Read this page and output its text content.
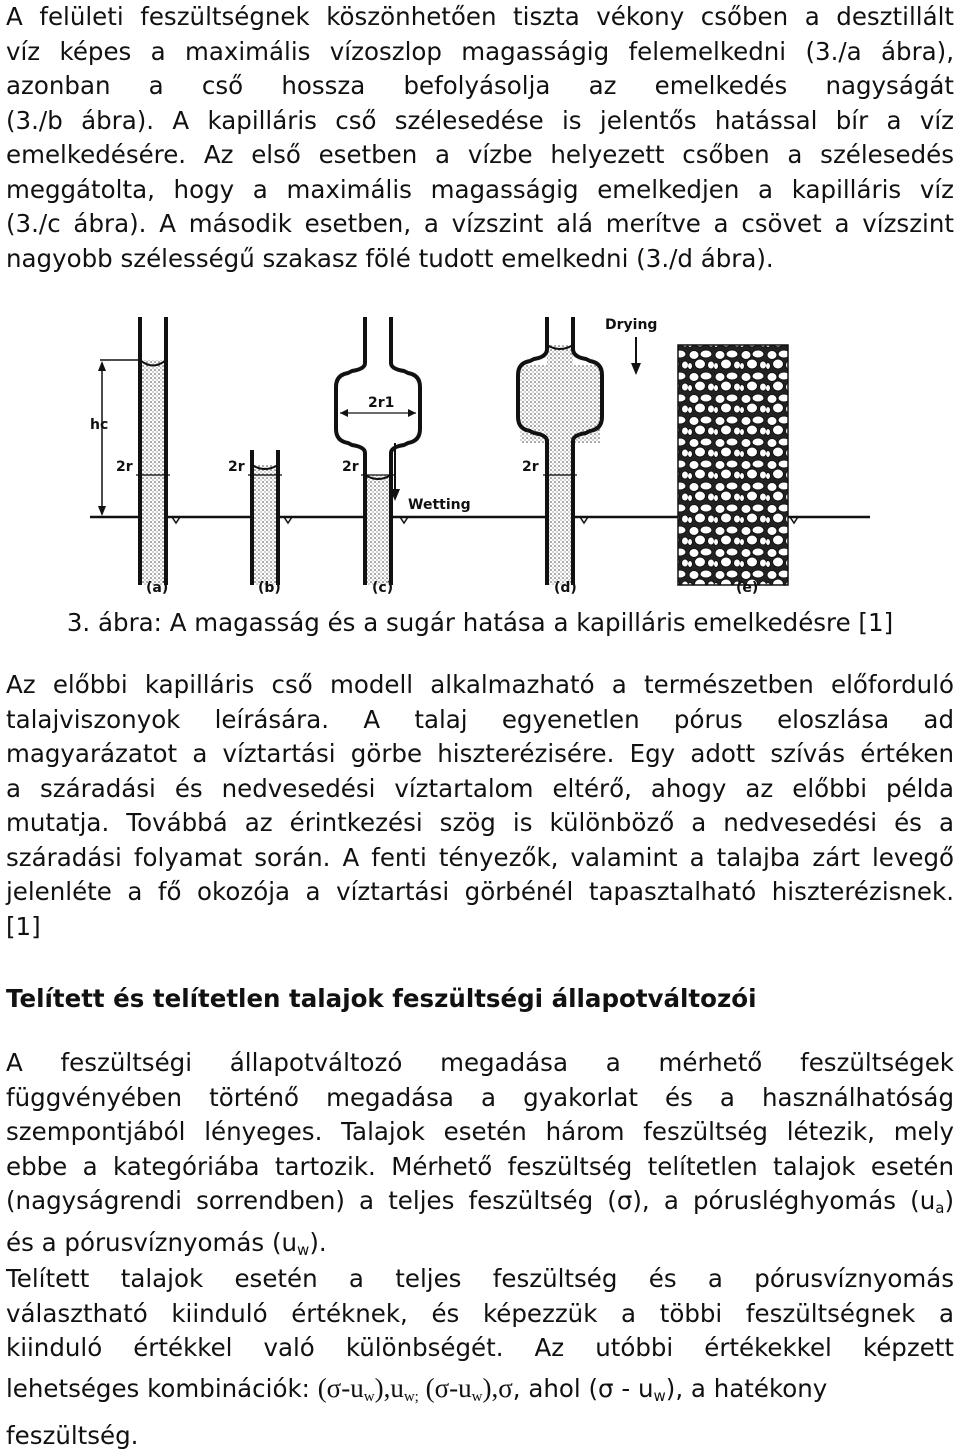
A felületi feszültségnek köszönhetően tiszta vékony csőben a desztillált
víz képes a maximális vízoszlop magasságig felemelkedni (3./a ábra),
azonban a cső hossza befolyásolja az emelkedés nagyságát
(3./b ábra). A kapilláris cső szélesedése is jelentős hatással bír a víz
emelkedésére. Az első esetben a vízbe helyezett csőben a szélesedés
meggátolta, hogy a maximális magasságig emelkedjen a kapilláris víz
(3./c ábra). A második esetben, a vízszint alá merítve a csövet a vízszint
nagyobb szélességű szakasz fölé tudott emelkedni (3./d ábra).
hc
2r
(a)
2r
(b)
2r1
2r
Wetting
(c)
2r
(d)
Drying
(e)
3. ábra: A magasság és a sugár hatása a kapilláris emelkedésre [1]
Az előbbi kapilláris cső modell alkalmazható a természetben előforduló
talajviszonyok leírására. A talaj egyenetlen pórus eloszlása ad
magyarázatot a víztartási görbe hiszterézisére. Egy adott szívás értéken
a száradási és nedvesedési víztartalom eltérő, ahogy az előbbi példa
mutatja. Továbbá az érintkezési szög is különböző a nedvesedési és a
száradási folyamat során. A fenti tényezők, valamint a talajba zárt levegő
jelenléte a fő okozója a víztartási görbénél tapasztalható hiszterézisnek.
[1]
Telített és telítetlen talajok feszültségi állapotváltozói
A feszültségi állapotváltozó megadása a mérhető feszültségek
függvényében történő megadása a gyakorlat és a használhatóság
szempontjából lényeges. Talajok esetén három feszültség létezik, mely
ebbe a kategóriába tartozik. Mérhető feszültség telítetlen talajok esetén
(nagyságrendi sorrendben) a teljes feszültség (σ), a pórusléghyomás $(u_a)$
és a pórusvíznyomás $(u_w)$.
Telített talajok esetén a teljes feszültség és a pórusvíznyomás
választható kiinduló értéknek, és képezzük a többi feszültségnek a
kiinduló értékkel való különbségét. Az utóbbi értékekkel képzett
lehetséges kombinációk: $(\sigma-u_w),u_{w;}$ $(\sigma-u_w),\sigma$, ahol $(\sigma - u_w)$, a hatékony
feszültség.
